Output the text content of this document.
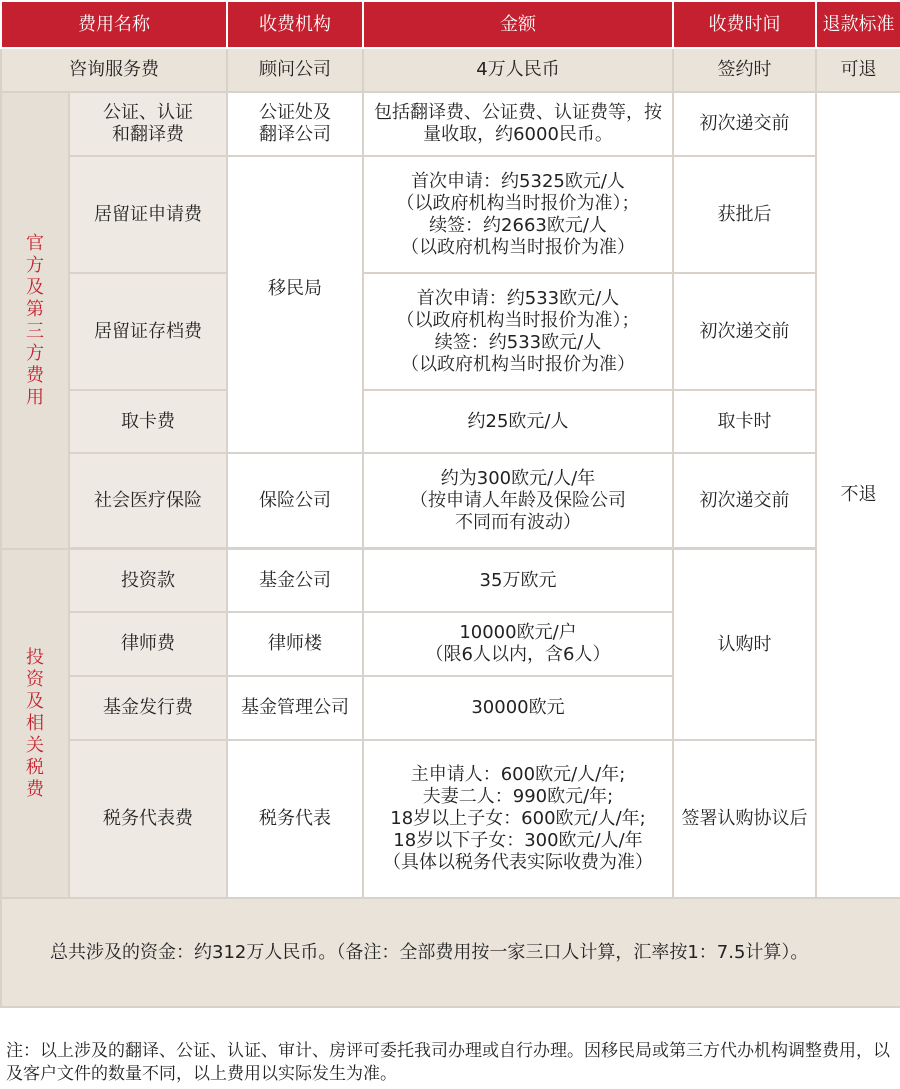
费用名称		收费机构	金额	收费时间	退款标准
咨询服务费		顾问公司	4万人民币	签约时	可退
官方及第三方费用	公证、认证
和翻译费	公证处及
翻译公司	包括翻译费、公证费、认证费等，按
量收取，约6000民币。	初次递交前	不退
	居留证申请费	移民局	首次申请：约5325欧元/人
（以政府机构当时报价为准）；
续签：约2663欧元/人
（以政府机构当时报价为准）	获批后	
	居留证存档费		首次申请：约533欧元/人
（以政府机构当时报价为准）；
续签：约533欧元/人
（以政府机构当时报价为准）	初次递交前	
	取卡费		约25欧元/人	取卡时	
	社会医疗保险	保险公司	约为300欧元/人/年
（按申请人年龄及保险公司
不同而有波动）	初次递交前	

投资及相关税费	投资款	基金公司	35万欧元	认购时	
	律师费	律师楼	10000欧元/户
（限6人以内，含6人）		
	基金发行费	基金管理公司	30000欧元		
	税务代表费	税务代表	主申请人：600欧元/人/年;
夫妻二人：990欧元/年;
18岁以上子女：600欧元/人/年;
18岁以下子女：300欧元/人/年
（具体以税务代表实际收费为准）	签署认购协议后	
总共涉及的资金：约312万人民币。（备注：全部费用按一家三口人计算，汇率按1：7.5计算）。					
注：以上涉及的翻译、公证、认证、审计、房评可委托我司办理或自行办理。因移民局或第三方代办机构调整费用，以及客户文件的数量不同，以上费用以实际发生为准。
